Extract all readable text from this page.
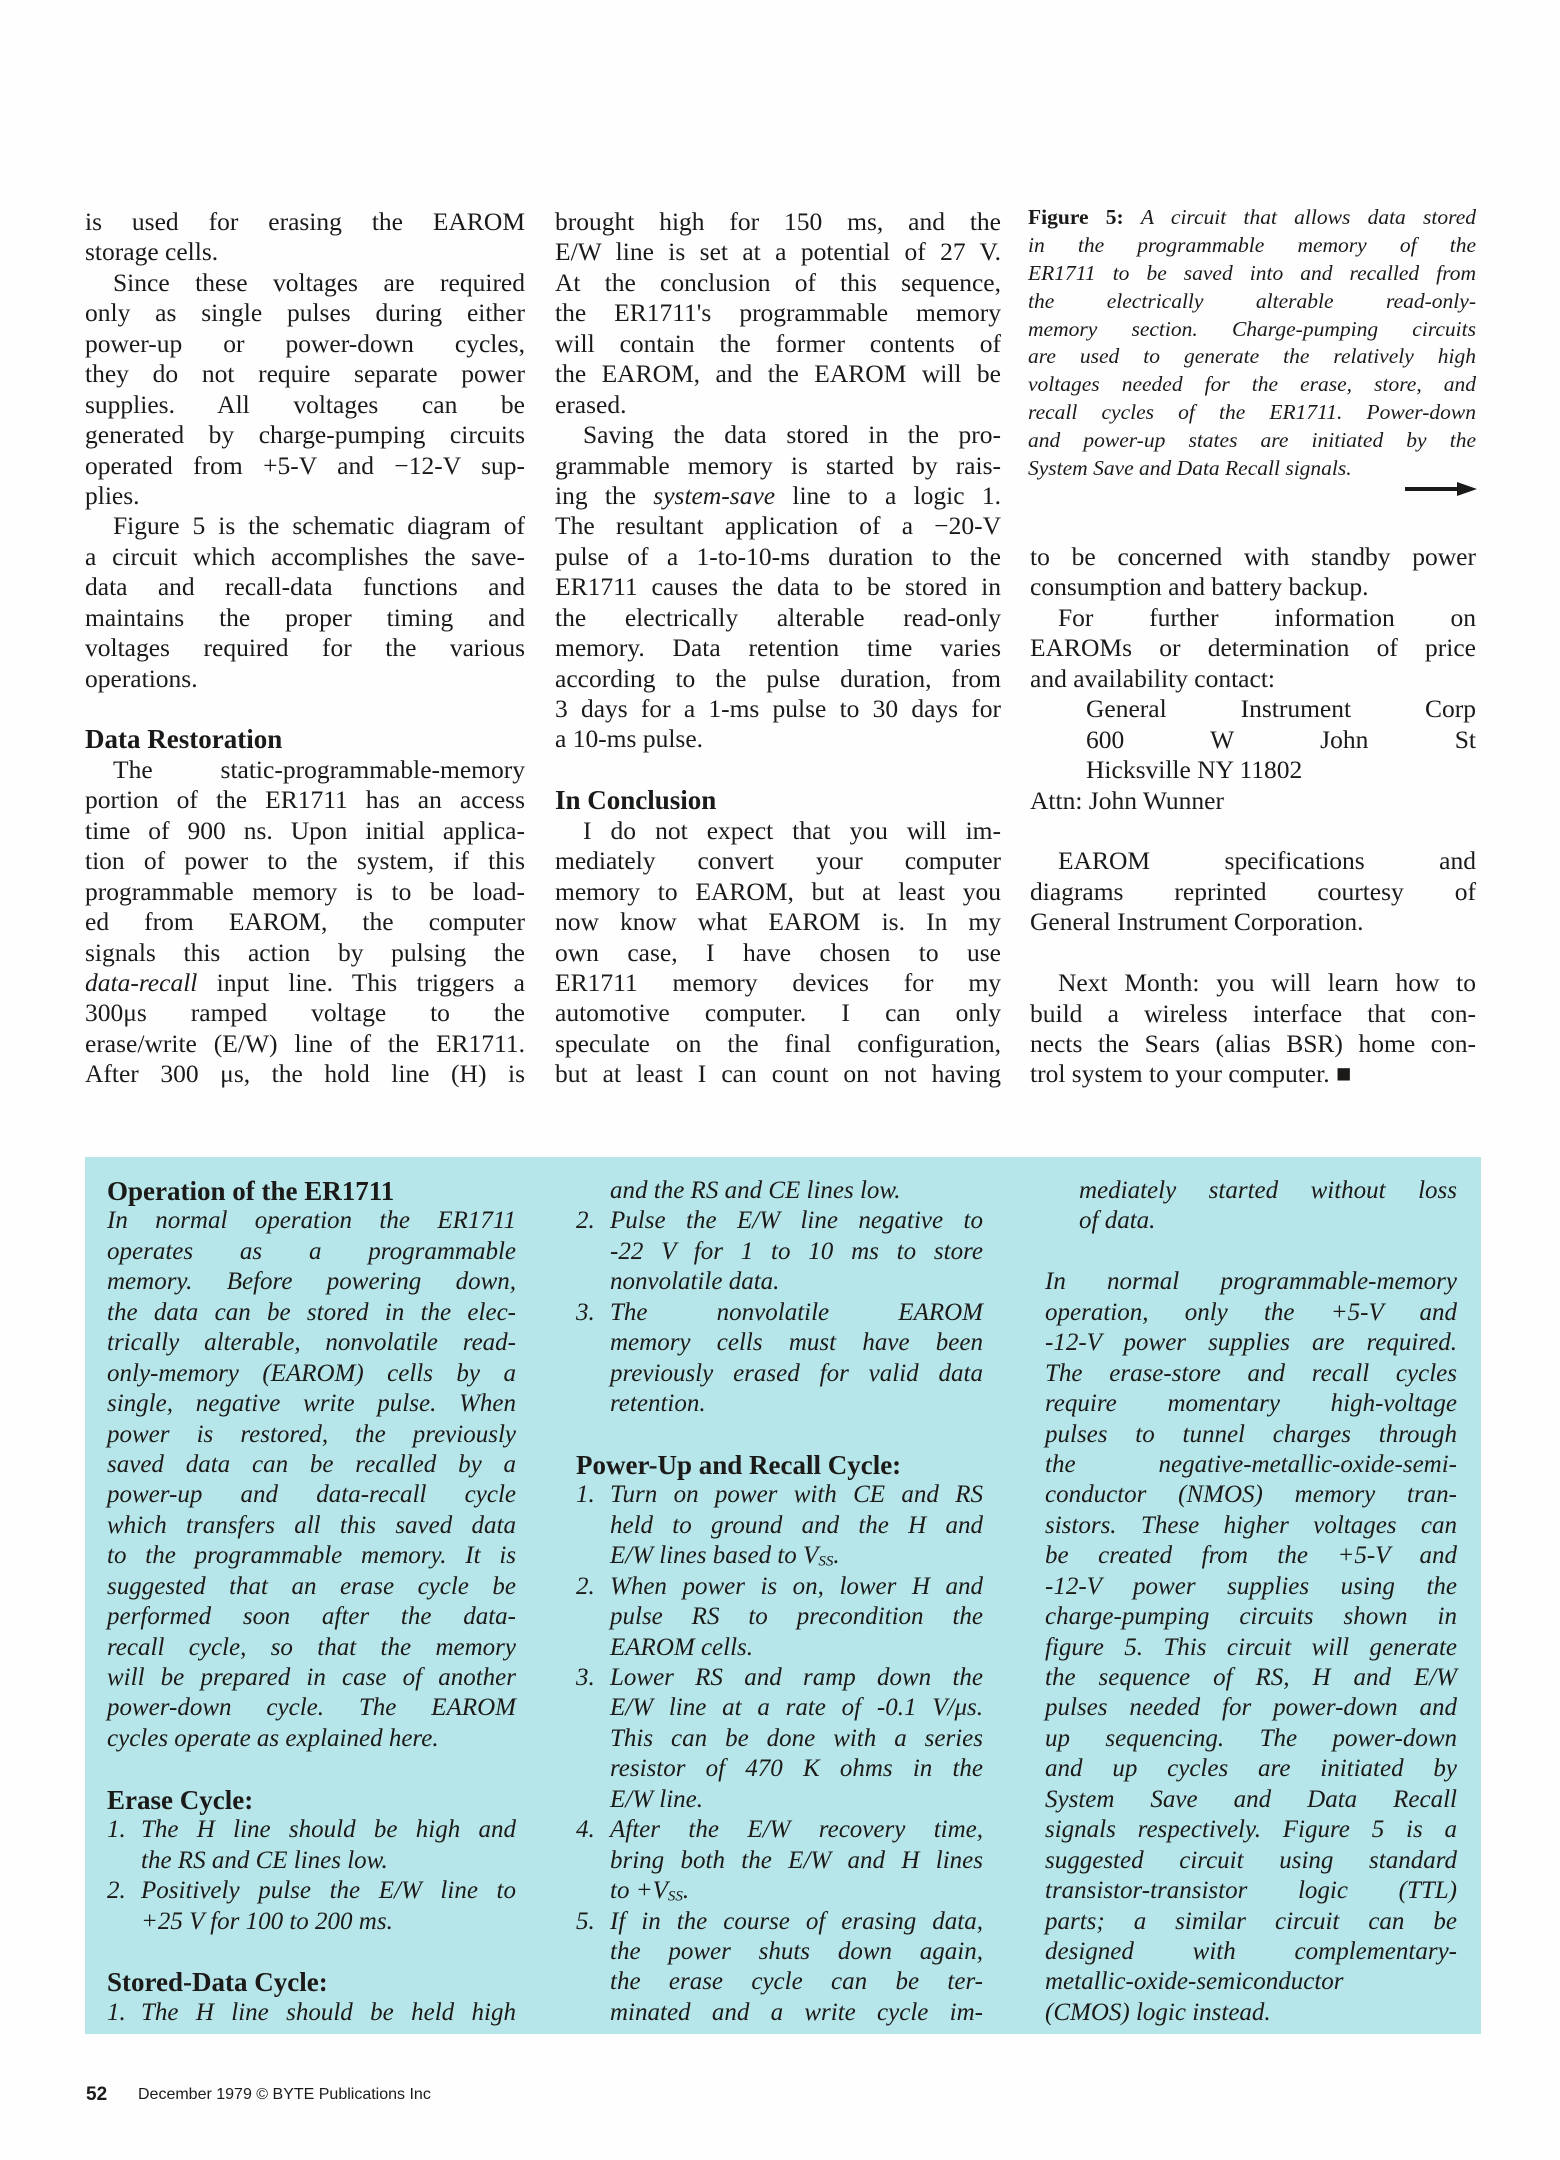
is used for erasing the EAROM
storage cells.
Since these voltages are required
only as single pulses during either
power-up or power-down cycles,
they do not require separate power
supplies. All voltages can be
generated by charge-pumping circuits
operated from +5-V and −12-V sup-
plies.
Figure 5 is the schematic diagram of
a circuit which accomplishes the save-
data and recall-data functions and
maintains the proper timing and
voltages required for the various
operations.
Data Restoration
The static-programmable-memory
portion of the ER1711 has an access
time of 900 ns. Upon initial applica-
tion of power to the system, if this
programmable memory is to be load-
ed from EAROM, the computer
signals this action by pulsing the
data-recall input line. This triggers a
300μs ramped voltage to the
erase/write (E/W) line of the ER1711.
After 300 μs, the hold line (H) is
brought high for 150 ms, and the
E/W line is set at a potential of 27 V.
At the conclusion of this sequence,
the ER1711's programmable memory
will contain the former contents of
the EAROM, and the EAROM will be
erased.
Saving the data stored in the pro-
grammable memory is started by rais-
ing the system-save line to a logic 1.
The resultant application of a −20-V
pulse of a 1-to-10-ms duration to the
ER1711 causes the data to be stored in
the electrically alterable read-only
memory. Data retention time varies
according to the pulse duration, from
3 days for a 1-ms pulse to 30 days for
a 10-ms pulse.
In Conclusion
I do not expect that you will im-
mediately convert your computer
memory to EAROM, but at least you
now know what EAROM is. In my
own case, I have chosen to use
ER1711 memory devices for my
automotive computer. I can only
speculate on the final configuration,
but at least I can count on not having
Figure 5: A circuit that allows data stored
in the programmable memory of the
ER1711 to be saved into and recalled from
the electrically alterable read-only-
memory section. Charge-pumping circuits
are used to generate the relatively high
voltages needed for the erase, store, and
recall cycles of the ER1711. Power-down
and power-up states are initiated by the
System Save and Data Recall signals.
to be concerned with standby power
consumption and battery backup.
For further information on
EAROMs or determination of price
and availability contact:
General Instrument Corp
600 W John St
Hicksville NY 11802
Attn: John Wunner
EAROM specifications and
diagrams reprinted courtesy of
General Instrument Corporation.
Next Month: you will learn how to
build a wireless interface that con-
nects the Sears (alias BSR) home con-
trol system to your computer. ■
Operation of the ER1711
In normal operation the ER1711
operates as a programmable
memory. Before powering down,
the data can be stored in the elec-
trically alterable, nonvolatile read-
only-memory (EAROM) cells by a
single, negative write pulse. When
power is restored, the previously
saved data can be recalled by a
power-up and data-recall cycle
which transfers all this saved data
to the programmable memory. It is
suggested that an erase cycle be
performed soon after the data-
recall cycle, so that the memory
will be prepared in case of another
power-down cycle. The EAROM
cycles operate as explained here.
Erase Cycle:
1. The H line should be high and
the RS and CE lines low.
2. Positively pulse the E/W line to
+25 V for 100 to 200 ms.
Stored-Data Cycle:
1. The H line should be held high
and the RS and CE lines low.
2. Pulse the E/W line negative to
-22 V for 1 to 10 ms to store
nonvolatile data.
3. The nonvolatile EAROM
memory cells must have been
previously erased for valid data
retention.
Power-Up and Recall Cycle:
1. Turn on power with CE and RS
held to ground and the H and
E/W lines based to $V_{SS}$.
2. When power is on, lower H and
pulse RS to precondition the
EAROM cells.
3. Lower RS and ramp down the
E/W line at a rate of -0.1 V/μs.
This can be done with a series
resistor of 470 K ohms in the
E/W line.
4. After the E/W recovery time,
bring both the E/W and H lines
to $+V_{SS}$.
5. If in the course of erasing data,
the power shuts down again,
the erase cycle can be ter-
minated and a write cycle im-
mediately started without loss
of data.
In normal programmable-memory
operation, only the +5-V and
-12-V power supplies are required.
The erase-store and recall cycles
require momentary high-voltage
pulses to tunnel charges through
the negative-metallic-oxide-semi-
conductor (NMOS) memory tran-
sistors. These higher voltages can
be created from the +5-V and
-12-V power supplies using the
charge-pumping circuits shown in
figure 5. This circuit will generate
the sequence of RS, H and E/W
pulses needed for power-down and
up sequencing. The power-down
and up cycles are initiated by
System Save and Data Recall
signals respectively. Figure 5 is a
suggested circuit using standard
transistor-transistor logic (TTL)
parts; a similar circuit can be
designed with complementary-
metallic-oxide-semiconductor
(CMOS) logic instead.
52 December 1979 © BYTE Publications Inc
